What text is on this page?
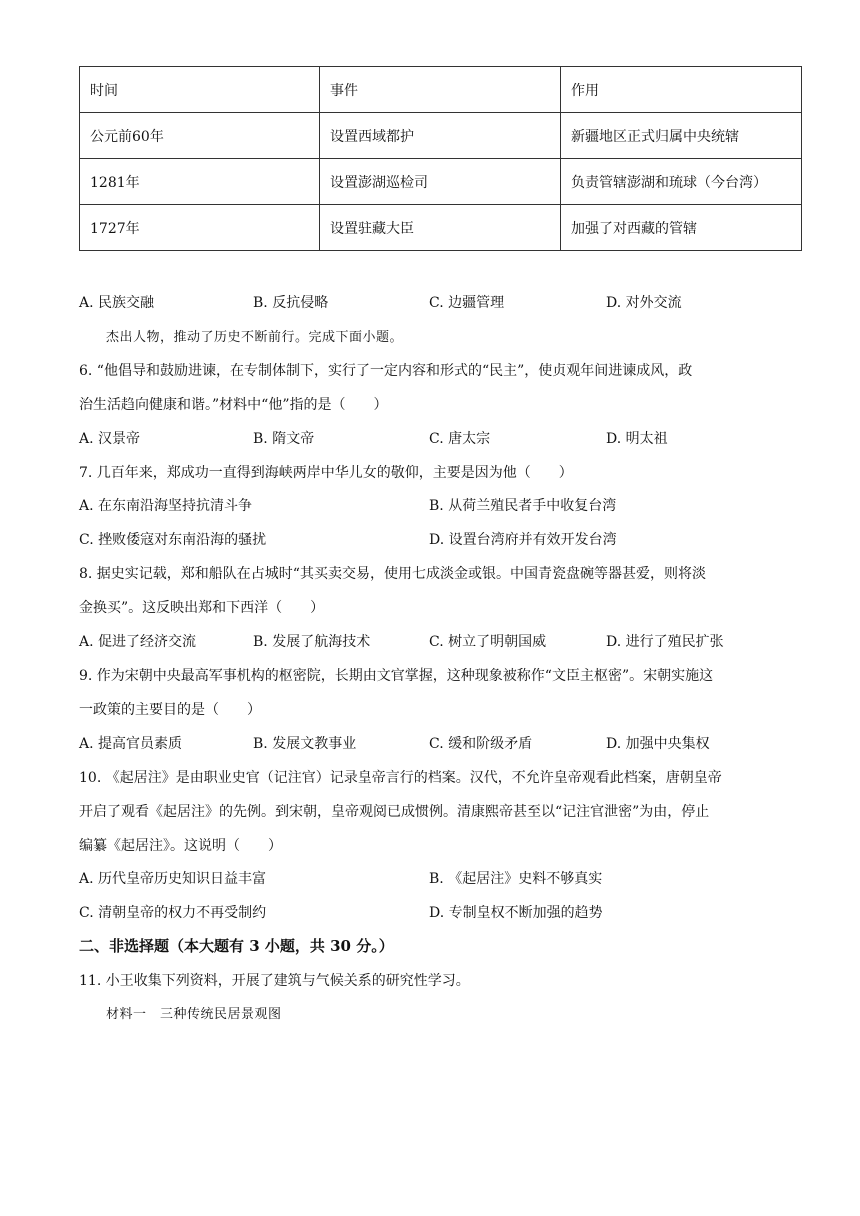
时间	事件	作用
公元前60年	设置西域都护	新疆地区正式归属中央统辖
1281年	设置澎湖巡检司	负责管辖澎湖和琉球（今台湾）
1727年	设置驻藏大臣	加强了对西藏的管辖
A. 民族交融	B. 反抗侵略	C. 边疆管理	D. 对外交流
杰出人物，推动了历史不断前行。完成下面小题。
6. “他倡导和鼓励进谏，在专制体制下，实行了一定内容和形式的“民主”，使贞观年间进谏成风，政
治生活趋向健康和谐。”材料中“他”指的是（　　）
A. 汉景帝	B. 隋文帝	C. 唐太宗	D. 明太祖
7. 几百年来，郑成功一直得到海峡两岸中华儿女的敬仰，主要是因为他（　　）
A. 在东南沿海坚持抗清斗争	B. 从荷兰殖民者手中收复台湾
C. 挫败倭寇对东南沿海的骚扰	D. 设置台湾府并有效开发台湾
8. 据史实记载，郑和船队在占城时“其买卖交易，使用七成淡金或银。中国青瓷盘碗等器甚爱，则将淡
金换买”。这反映出郑和下西洋（　　）
A. 促进了经济交流	B. 发展了航海技术	C. 树立了明朝国威	D. 进行了殖民扩张
9. 作为宋朝中央最高军事机构的枢密院，长期由文官掌握，这种现象被称作“文臣主枢密”。宋朝实施这
一政策的主要目的是（　　）
A. 提高官员素质	B. 发展文教事业	C. 缓和阶级矛盾	D. 加强中央集权
10. 《起居注》是由职业史官（记注官）记录皇帝言行的档案。汉代，不允许皇帝观看此档案，唐朝皇帝
开启了观看《起居注》的先例。到宋朝，皇帝观阅已成惯例。清康熙帝甚至以“记注官泄密”为由，停止
编纂《起居注》。这说明（　　）
A. 历代皇帝历史知识日益丰富	B. 《起居注》史料不够真实
C. 清朝皇帝的权力不再受制约	D. 专制皇权不断加强的趋势
二、非选择题（本大题有 3 小题，共 30 分。）
11. 小王收集下列资料，开展了建筑与气候关系的研究性学习。
材料一　三种传统民居景观图
